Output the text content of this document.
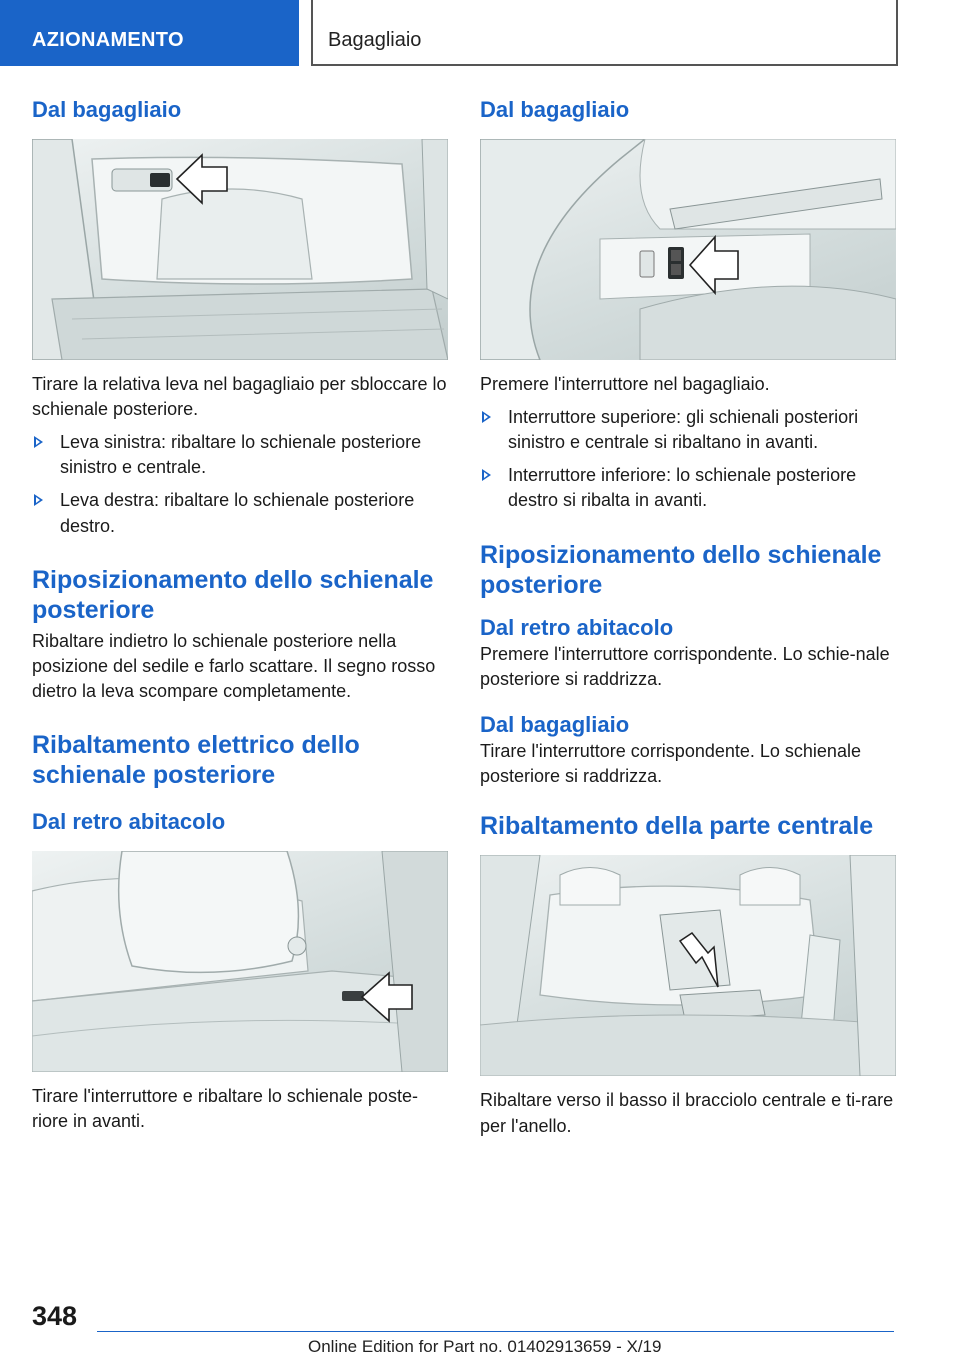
AZIONAMENTO	Bagagliaio
Dal bagagliaio

Tirare la relativa leva nel bagagliaio per sbloccare lo schienale posteriore.

Leva sinistra: ribaltare lo schienale posteriore sinistro e centrale.
Leva destra: ribaltare lo schienale posteriore destro.
Riposizionamento dello schienale posteriore

Ribaltare indietro lo schienale posteriore nella posizione del sedile e farlo scattare. Il segno rosso dietro la leva scompare completamente.

Ribaltamento elettrico dello schienale posteriore
Dal retro abitacolo

Tirare l'interruttore e ribaltare lo schienale poste‐riore in avanti.

Dal bagagliaio

Premere l'interruttore nel bagagliaio.

Interruttore superiore: gli schienali posteriori sinistro e centrale si ribaltano in avanti.
Interruttore inferiore: lo schienale posteriore destro si ribalta in avanti.
Riposizionamento dello schienale posteriore
Dal retro abitacolo

Premere l'interruttore corrispondente. Lo schie‐nale posteriore si raddrizza.

Dal bagagliaio

Tirare l'interruttore corrispondente. Lo schienale posteriore si raddrizza.

Ribaltamento della parte centrale

Ribaltare verso il basso il bracciolo centrale e ti‐rare per l'anello.

348
Online Edition for Part no. 01402913659 - X/19
